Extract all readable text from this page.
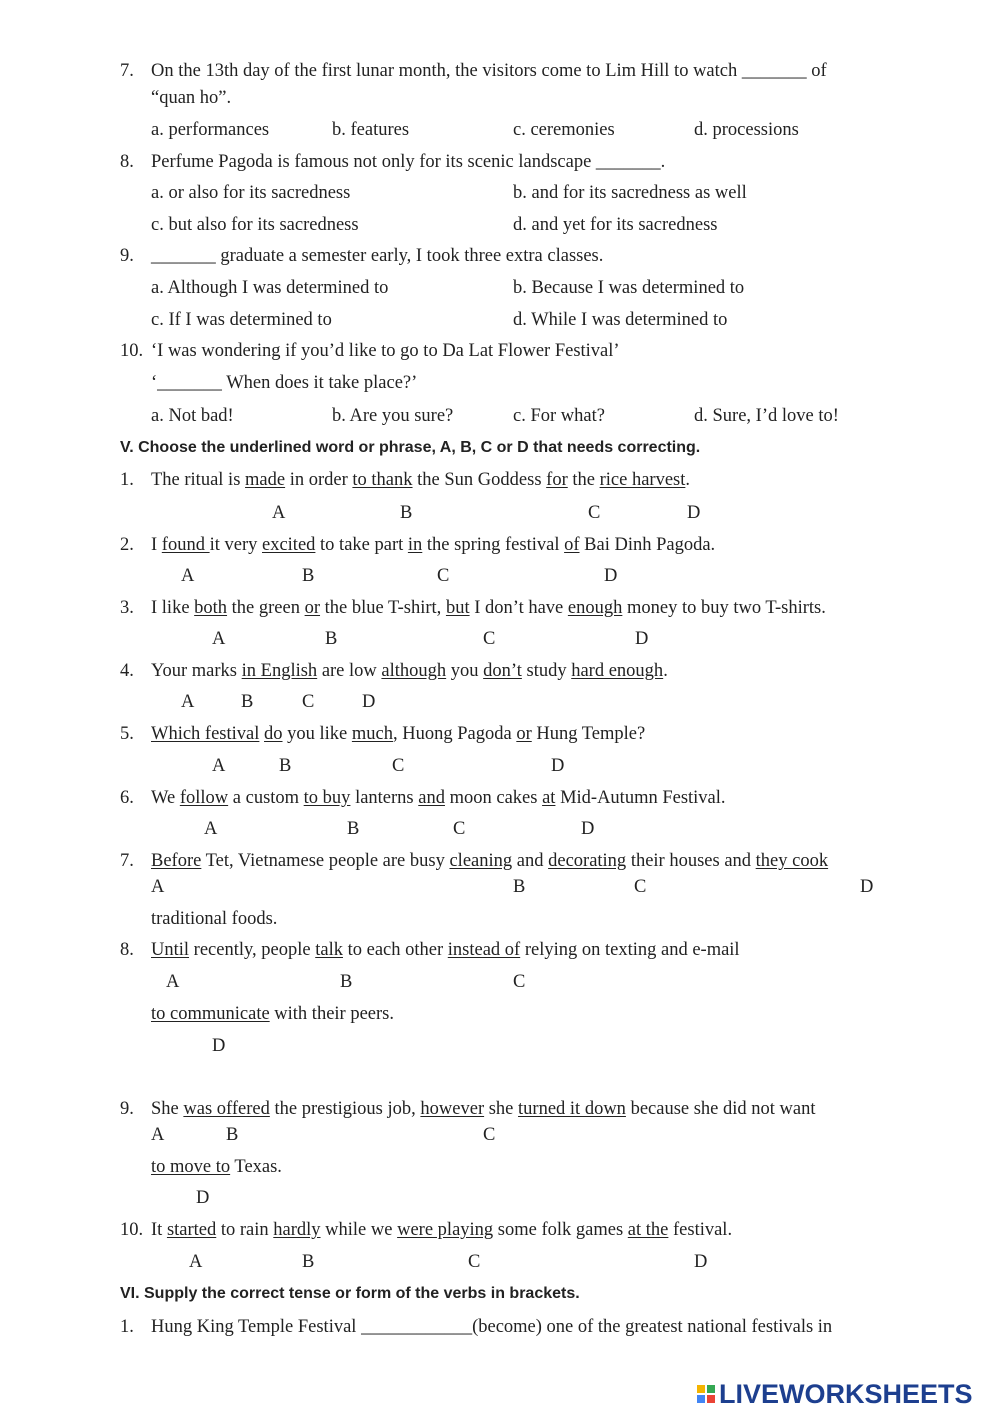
7. On the 13th day of the first lunar month, the visitors come to Lim Hill to watch _______ of
“quan ho”.
a. performances	b. features	c. ceremonies	d. processions
8. Perfume Pagoda is famous not only for its scenic landscape _______.
a. or also for its sacredness	b. and for its sacredness as well
c. but also for its sacredness	d. and yet for its sacredness
9. _______ graduate a semester early, I took three extra classes.
a. Although I was determined to	b. Because I was determined to
c. If I was determined to	d. While I was determined to
10. ‘I was wondering if you’d like to go to Da Lat Flower Festival’
‘_______ When does it take place?’
a. Not bad!	b. Are you sure?	c. For what?	d. Sure, I’d love to!
V. Choose the underlined word or phrase, A, B, C or D that needs correcting.
1. The ritual is made in order to thank the Sun Goddess for the rice harvest.
A	B	C	D
2. I found it very excited to take part in the spring festival of Bai Dinh Pagoda.
A	B	C	D
3. I like both the green or the blue T-shirt, but I don’t have enough money to buy two T-shirts.
A	B	C	D
4. Your marks in English are low although you don’t study hard enough.
A	B	C	D
5. Which festival do you like much, Huong Pagoda or Hung Temple?
A	B	C	D
6. We follow a custom to buy lanterns and moon cakes at Mid-Autumn Festival.
A	B	C	D
7. Before Tet, Vietnamese people are busy cleaning and decorating their houses and they cook
A	B	C	D
traditional foods.
8. Until recently, people talk to each other instead of relying on texting and e-mail
A	B	C
to communicate with their peers.
D
9. She was offered the prestigious job, however she turned it down because she did not want
A	B	C
to move to Texas.
D
10. It started to rain hardly while we were playing some folk games at the festival.
A	B	C	D
VI. Supply the correct tense or form of the verbs in brackets.
1. Hung King Temple Festival ____________(become) one of the greatest national festivals in
LIVEWORKSHEETS
